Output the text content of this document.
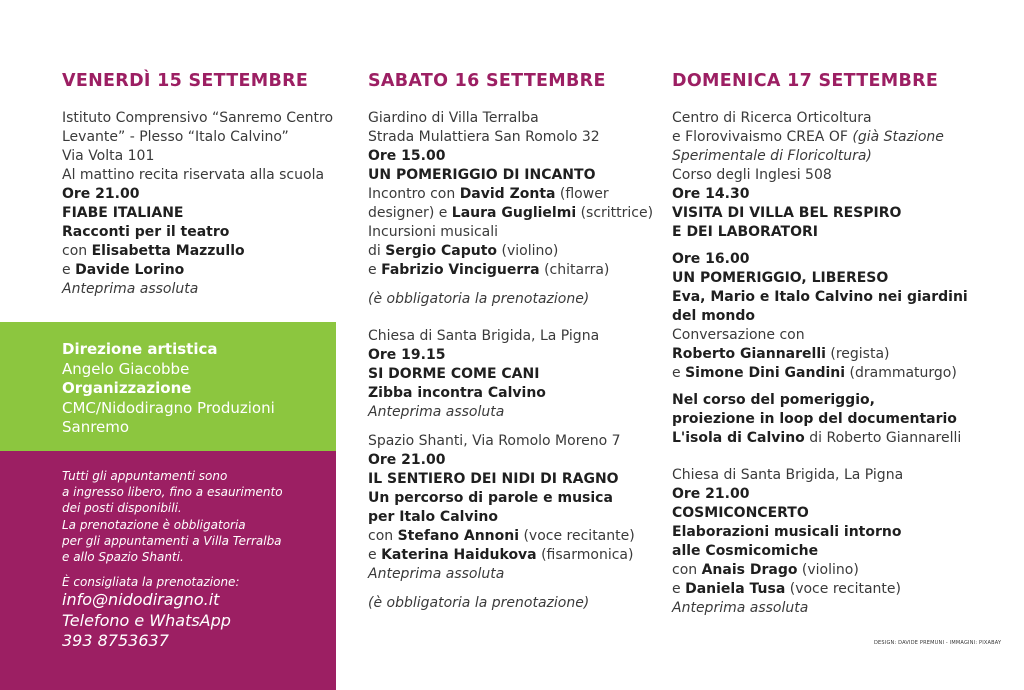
VENERDÌ 15 SETTEMBRE
Istituto Comprensivo “Sanremo Centro
Levante” - Plesso “Italo Calvino”
Via Volta 101
Al mattino recita riservata alla scuola
Ore 21.00
FIABE ITALIANE
Racconti per il teatro
con Elisabetta Mazzullo
e Davide Lorino
Anteprima assoluta
Direzione artistica
Angelo Giacobbe
Organizzazione
CMC/Nidodiragno Produzioni
Sanremo
Tutti gli appuntamenti sono
a ingresso libero, fino a esaurimento
dei posti disponibili.
La prenotazione è obbligatoria
per gli appuntamenti a Villa Terralba
e allo Spazio Shanti.
È consigliata la prenotazione:
info@nidodiragno.it
Telefono e WhatsApp
393 8753637
SABATO 16 SETTEMBRE
Giardino di Villa Terralba
Strada Mulattiera San Romolo 32
Ore 15.00
UN POMERIGGIO DI INCANTO
Incontro con David Zonta (flower
designer) e Laura Guglielmi (scrittrice)
Incursioni musicali
di Sergio Caputo (violino)
e Fabrizio Vinciguerra (chitarra)
(è obbligatoria la prenotazione)
Chiesa di Santa Brigida, La Pigna
Ore 19.15
SI DORME COME CANI
Zibba incontra Calvino
Anteprima assoluta
Spazio Shanti, Via Romolo Moreno 7
Ore 21.00
IL SENTIERO DEI NIDI DI RAGNO
Un percorso di parole e musica
per Italo Calvino
con Stefano Annoni (voce recitante)
e Katerina Haidukova (fisarmonica)
Anteprima assoluta
(è obbligatoria la prenotazione)
DOMENICA 17 SETTEMBRE
Centro di Ricerca Orticoltura
e Florovivaismo CREA OF (già Stazione
Sperimentale di Floricoltura)
Corso degli Inglesi 508
Ore 14.30
VISITA DI VILLA BEL RESPIRO
E DEI LABORATORI
Ore 16.00
UN POMERIGGIO, LIBERESO
Eva, Mario e Italo Calvino nei giardini
del mondo
Conversazione con
Roberto Giannarelli (regista)
e Simone Dini Gandini (drammaturgo)
Nel corso del pomeriggio,
proiezione in loop del documentario
L'isola di Calvino di Roberto Giannarelli
Chiesa di Santa Brigida, La Pigna
Ore 21.00
COSMICONCERTO
Elaborazioni musicali intorno
alle Cosmicomiche
con Anais Drago (violino)
e Daniela Tusa (voce recitante)
Anteprima assoluta
DESIGN: DAVIDE PREMUNI - IMMAGINI: PIXABAY
